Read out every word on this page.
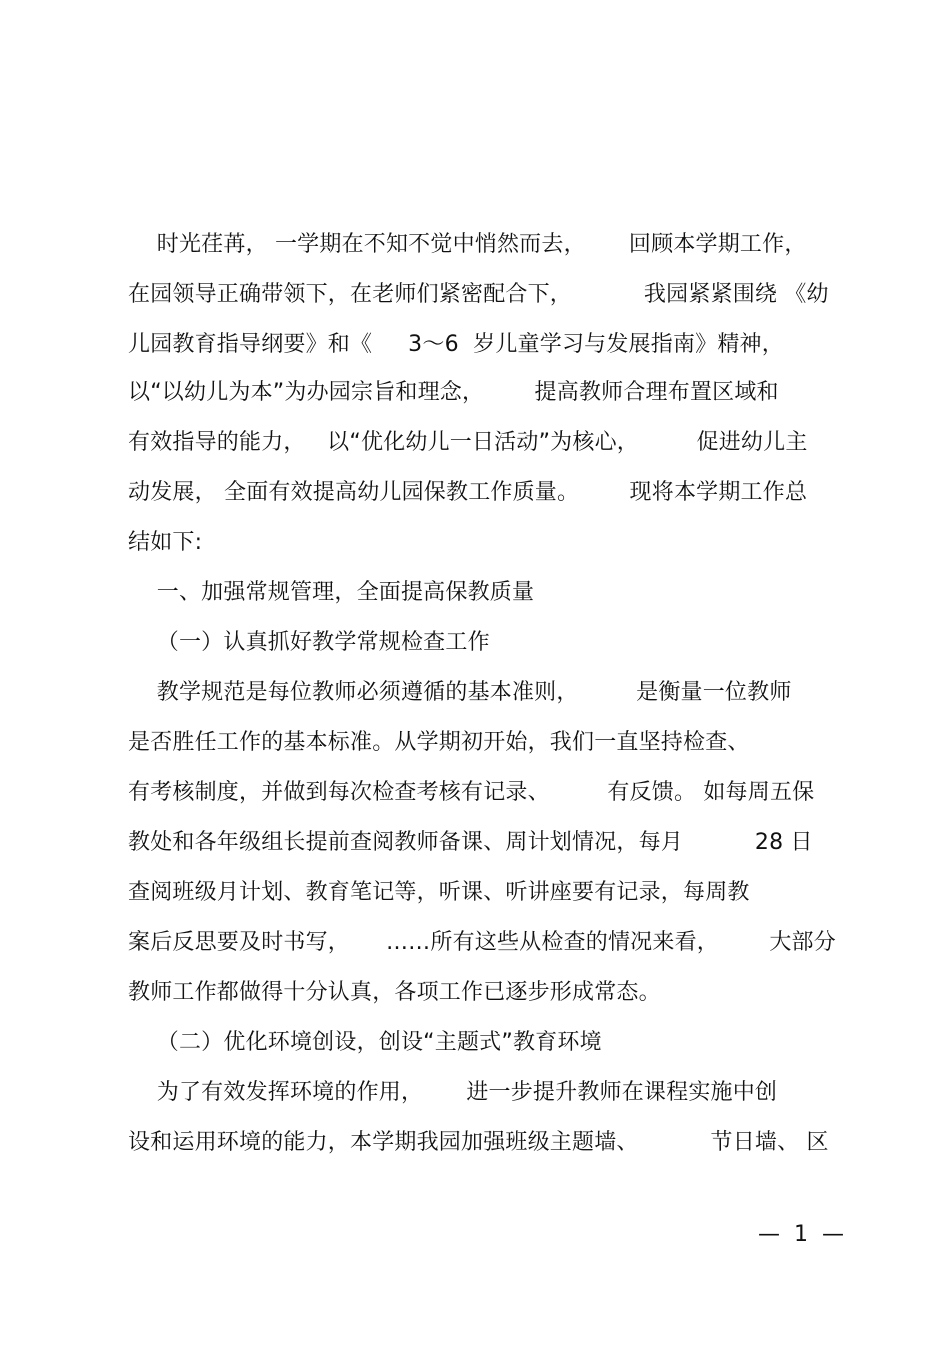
时光荏苒， 一学期在不知不觉中悄然而去，      回顾本学期工作，
在园领导正确带领下，在老师们紧密配合下，          我园紧紧围绕 《幼
儿园教育指导纲要》和《     3～6  岁儿童学习与发展指南》精神，
以“以幼儿为本”为办园宗旨和理念，       提高教师合理布置区域和
有效指导的能力，   以“优化幼儿一日活动”为核心，        促进幼儿主
动发展， 全面有效提高幼儿园保教工作质量。       现将本学期工作总
结如下:
一、加强常规管理，全面提高保教质量
（一）认真抓好教学常规检查工作
教学规范是每位教师必须遵循的基本准则，        是衡量一位教师
是否胜任工作的基本标准。从学期初开始，我们一直坚持检查、
有考核制度，并做到每次检查考核有记录、        有反馈。 如每周五保
教处和各年级组长提前查阅教师备课、周计划情况，每月          28 日
查阅班级月计划、教育笔记等，听课、听讲座要有记录，每周教
案后反思要及时书写，     ……所有这些从检查的情况来看，       大部分
教师工作都做得十分认真，各项工作已逐步形成常态。
（二）优化环境创设，创设“主题式”教育环境
为了有效发挥环境的作用，      进一步提升教师在课程实施中创
设和运用环境的能力，本学期我园加强班级主题墙、          节日墙、 区
—  1  —
